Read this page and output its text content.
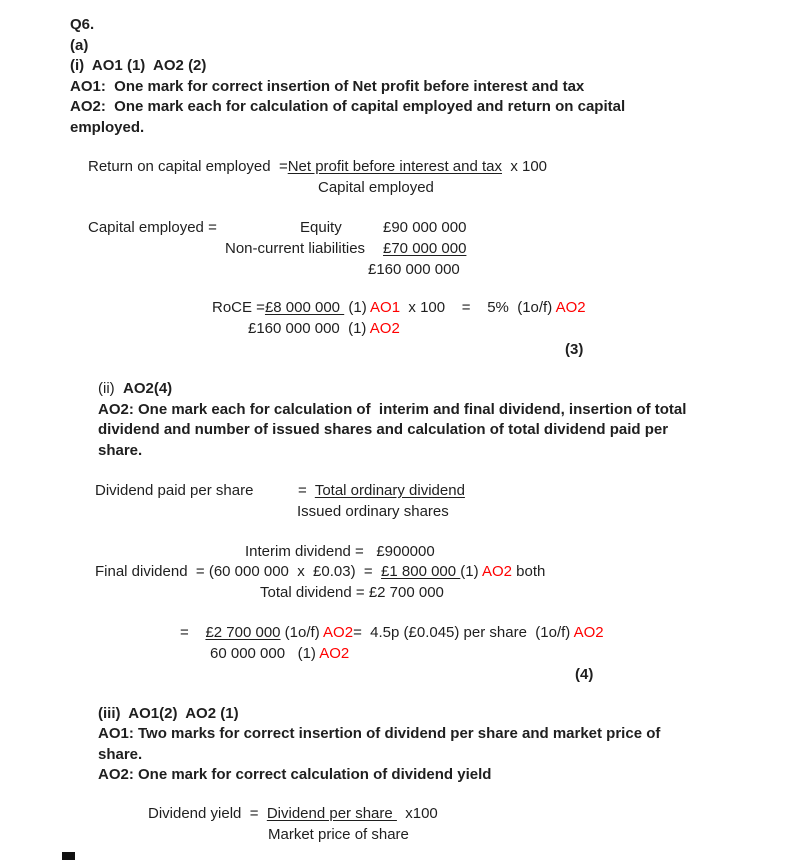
Q6.
(a)
(i)  AO1 (1)  AO2 (2)
AO1:  One mark for correct insertion of Net profit before interest and tax
AO2:  One mark each for calculation of capital employed and return on capital
employed.
Return on capital employed  =Net profit before interest and tax  x 100
Capital employed
Capital employed =	Equity	£90 000 000
Non-current liabilities £70 000 000
£160 000 000
RoCE =£8 000 000  (1) AO1  x 100    =    5%  (1o/f) AO2
£160 000 000  (1) AO2
(3)
(ii)  AO2(4)
AO2: One mark each for calculation of  interim and final dividend, insertion of total
dividend and number of issued shares and calculation of total dividend paid per
share.
Dividend paid per share	=  Total ordinary dividend
Issued ordinary shares
Interim dividend =   £900000
Final dividend  = (60 000 000  x  £0.03)  =  £1 800 000 (1) AO2 both
Total dividend = £2 700 000
=    £2 700 000 (1o/f) AO2=  4.5p (£0.045) per share  (1o/f) AO2
60 000 000   (1) AO2
(4)
(iii)  AO1(2)  AO2 (1)
AO1: Two marks for correct insertion of dividend per share and market price of
share.
AO2: One mark for correct calculation of dividend yield
Dividend yield  =  Dividend per share   x100
Market price of share
